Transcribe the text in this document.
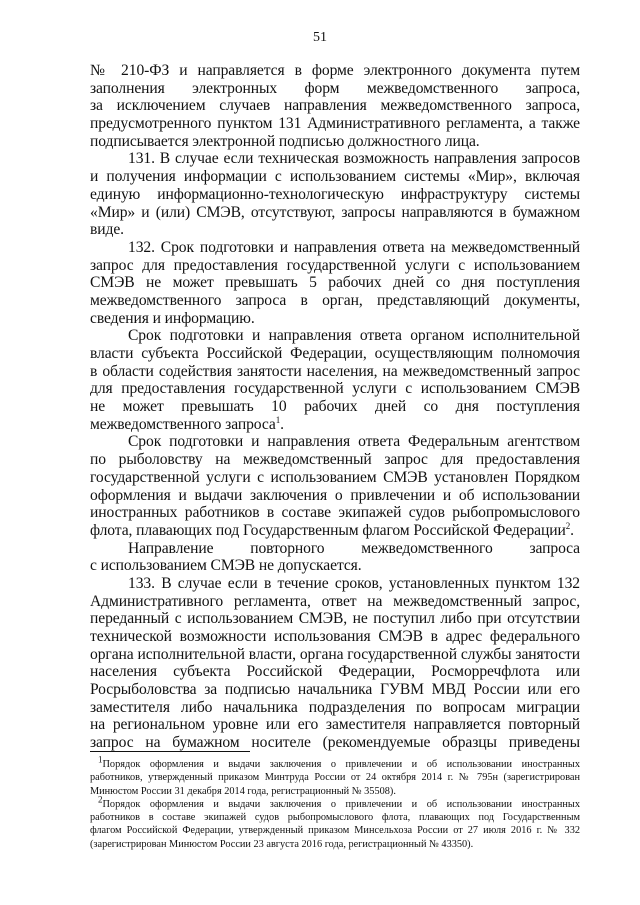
51
№ 210-ФЗ и направляется в форме электронного документа путем
заполнения электронных форм межведомственного запроса,
за исключением случаев направления межведомственного запроса,
предусмотренного пунктом 131 Административного регламента, а также
подписывается электронной подписью должностного лица.
131. В случае если техническая возможность направления запросов
и получения информации с использованием системы «Мир», включая
единую информационно-технологическую инфраструктуру системы
«Мир» и (или) СМЭВ, отсутствуют, запросы направляются в бумажном
виде.
132. Срок подготовки и направления ответа на межведомственный
запрос для предоставления государственной услуги с использованием
СМЭВ не может превышать 5 рабочих дней со дня поступления
межведомственного запроса в орган, представляющий документы,
сведения и информацию.
Срок подготовки и направления ответа органом исполнительной
власти субъекта Российской Федерации, осуществляющим полномочия
в области содействия занятости населения, на межведомственный запрос
для предоставления государственной услуги с использованием СМЭВ
не может превышать 10 рабочих дней со дня поступления
межведомственного запроса$^1$.
Срок подготовки и направления ответа Федеральным агентством
по рыболовству на межведомственный запрос для предоставления
государственной услуги с использованием СМЭВ установлен Порядком
оформления и выдачи заключения о привлечении и об использовании
иностранных работников в составе экипажей судов рыбопромыслового
флота, плавающих под Государственным флагом Российской Федерации$^2$.
Направление повторного межведомственного запроса
с использованием СМЭВ не допускается.
133. В случае если в течение сроков, установленных пунктом 132
Административного регламента, ответ на межведомственный запрос,
переданный с использованием СМЭВ, не поступил либо при отсутствии
технической возможности использования СМЭВ в адрес федерального
органа исполнительной власти, органа государственной службы занятости
населения субъекта Российской Федерации, Росморречфлота или
Росрыболовства за подписью начальника ГУВМ МВД России или его
заместителя либо начальника подразделения по вопросам миграции
на региональном уровне или его заместителя направляется повторный
запрос на бумажном носителе (рекомендуемые образцы приведены
$^1$Порядок оформления и выдачи заключения о привлечении и об использовании иностранных
работников, утвержденный приказом Минтруда России от 24 октября 2014 г. № 795н (зарегистрирован
Минюстом России 31 декабря 2014 года, регистрационный № 35508).
$^2$Порядок оформления и выдачи заключения о привлечении и об использовании иностранных
работников в составе экипажей судов рыбопромыслового флота, плавающих под Государственным
флагом Российской Федерации, утвержденный приказом Минсельхоза России от 27 июля 2016 г. № 332
(зарегистрирован Минюстом России 23 августа 2016 года, регистрационный № 43350).
